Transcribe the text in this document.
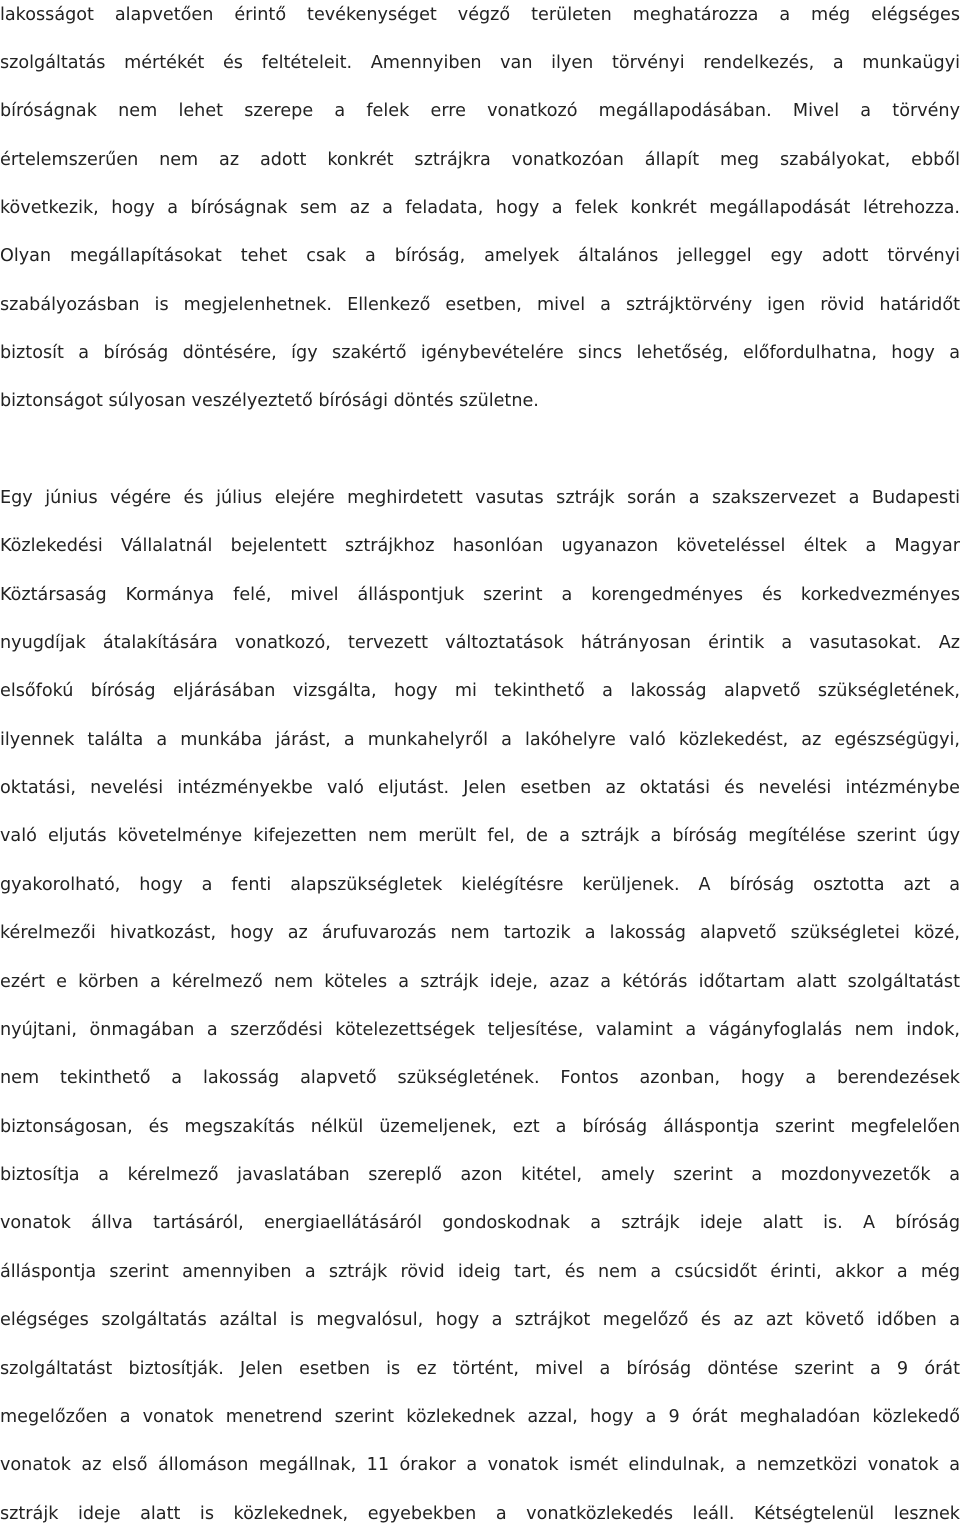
lakosságot alapvetően érintő tevékenységet végző területen meghatározza a még elégséges
szolgáltatás mértékét és feltételeit. Amennyiben van ilyen törvényi rendelkezés, a munkaügyi
bíróságnak nem lehet szerepe a felek erre vonatkozó megállapodásában. Mivel a törvény
értelemszerűen nem az adott konkrét sztrájkra vonatkozóan állapít meg szabályokat, ebből
következik, hogy a bíróságnak sem az a feladata, hogy a felek konkrét megállapodását létrehozza.
Olyan megállapításokat tehet csak a bíróság, amelyek általános jelleggel egy adott törvényi
szabályozásban is megjelenhetnek. Ellenkező esetben, mivel a sztrájktörvény igen rövid határidőt
biztosít a bíróság döntésére, így szakértő igénybevételére sincs lehetőség, előfordulhatna, hogy a
biztonságot súlyosan veszélyeztető bírósági döntés születne.
Egy június végére és július elejére meghirdetett vasutas sztrájk során a szakszervezet a Budapesti
Közlekedési Vállalatnál bejelentett sztrájkhoz hasonlóan ugyanazon követeléssel éltek a Magyar
Köztársaság Kormánya felé, mivel álláspontjuk szerint a korengedményes és korkedvezményes
nyugdíjak átalakítására vonatkozó, tervezett változtatások hátrányosan érintik a vasutasokat. Az
elsőfokú bíróság eljárásában vizsgálta, hogy mi tekinthető a lakosság alapvető szükségletének,
ilyennek találta a munkába járást, a munkahelyről a lakóhelyre való közlekedést, az egészségügyi,
oktatási, nevelési intézményekbe való eljutást. Jelen esetben az oktatási és nevelési intézménybe
való eljutás követelménye kifejezetten nem merült fel, de a sztrájk a bíróság megítélése szerint úgy
gyakorolható, hogy a fenti alapszükségletek kielégítésre kerüljenek. A bíróság osztotta azt a
kérelmezői hivatkozást, hogy az árufuvarozás nem tartozik a lakosság alapvető szükségletei közé,
ezért e körben a kérelmező nem köteles a sztrájk ideje, azaz a kétórás időtartam alatt szolgáltatást
nyújtani, önmagában a szerződési kötelezettségek teljesítése, valamint a vágányfoglalás nem indok,
nem tekinthető a lakosság alapvető szükségletének. Fontos azonban, hogy a berendezések
biztonságosan, és megszakítás nélkül üzemeljenek, ezt a bíróság álláspontja szerint megfelelően
biztosítja a kérelmező javaslatában szereplő azon kitétel, amely szerint a mozdonyvezetők a
vonatok állva tartásáról, energiaellátásáról gondoskodnak a sztrájk ideje alatt is. A bíróság
álláspontja szerint amennyiben a sztrájk rövid ideig tart, és nem a csúcsidőt érinti, akkor a még
elégséges szolgáltatás azáltal is megvalósul, hogy a sztrájkot megelőző és az azt követő időben a
szolgáltatást biztosítják. Jelen esetben is ez történt, mivel a bíróság döntése szerint a 9 órát
megelőzően a vonatok menetrend szerint közlekednek azzal, hogy a 9 órát meghaladóan közlekedő
vonatok az első állomáson megállnak, 11 órakor a vonatok ismét elindulnak, a nemzetközi vonatok a
sztrájk ideje alatt is közlekednek, egyebekben a vonatközlekedés leáll. Kétségtelenül lesznek
